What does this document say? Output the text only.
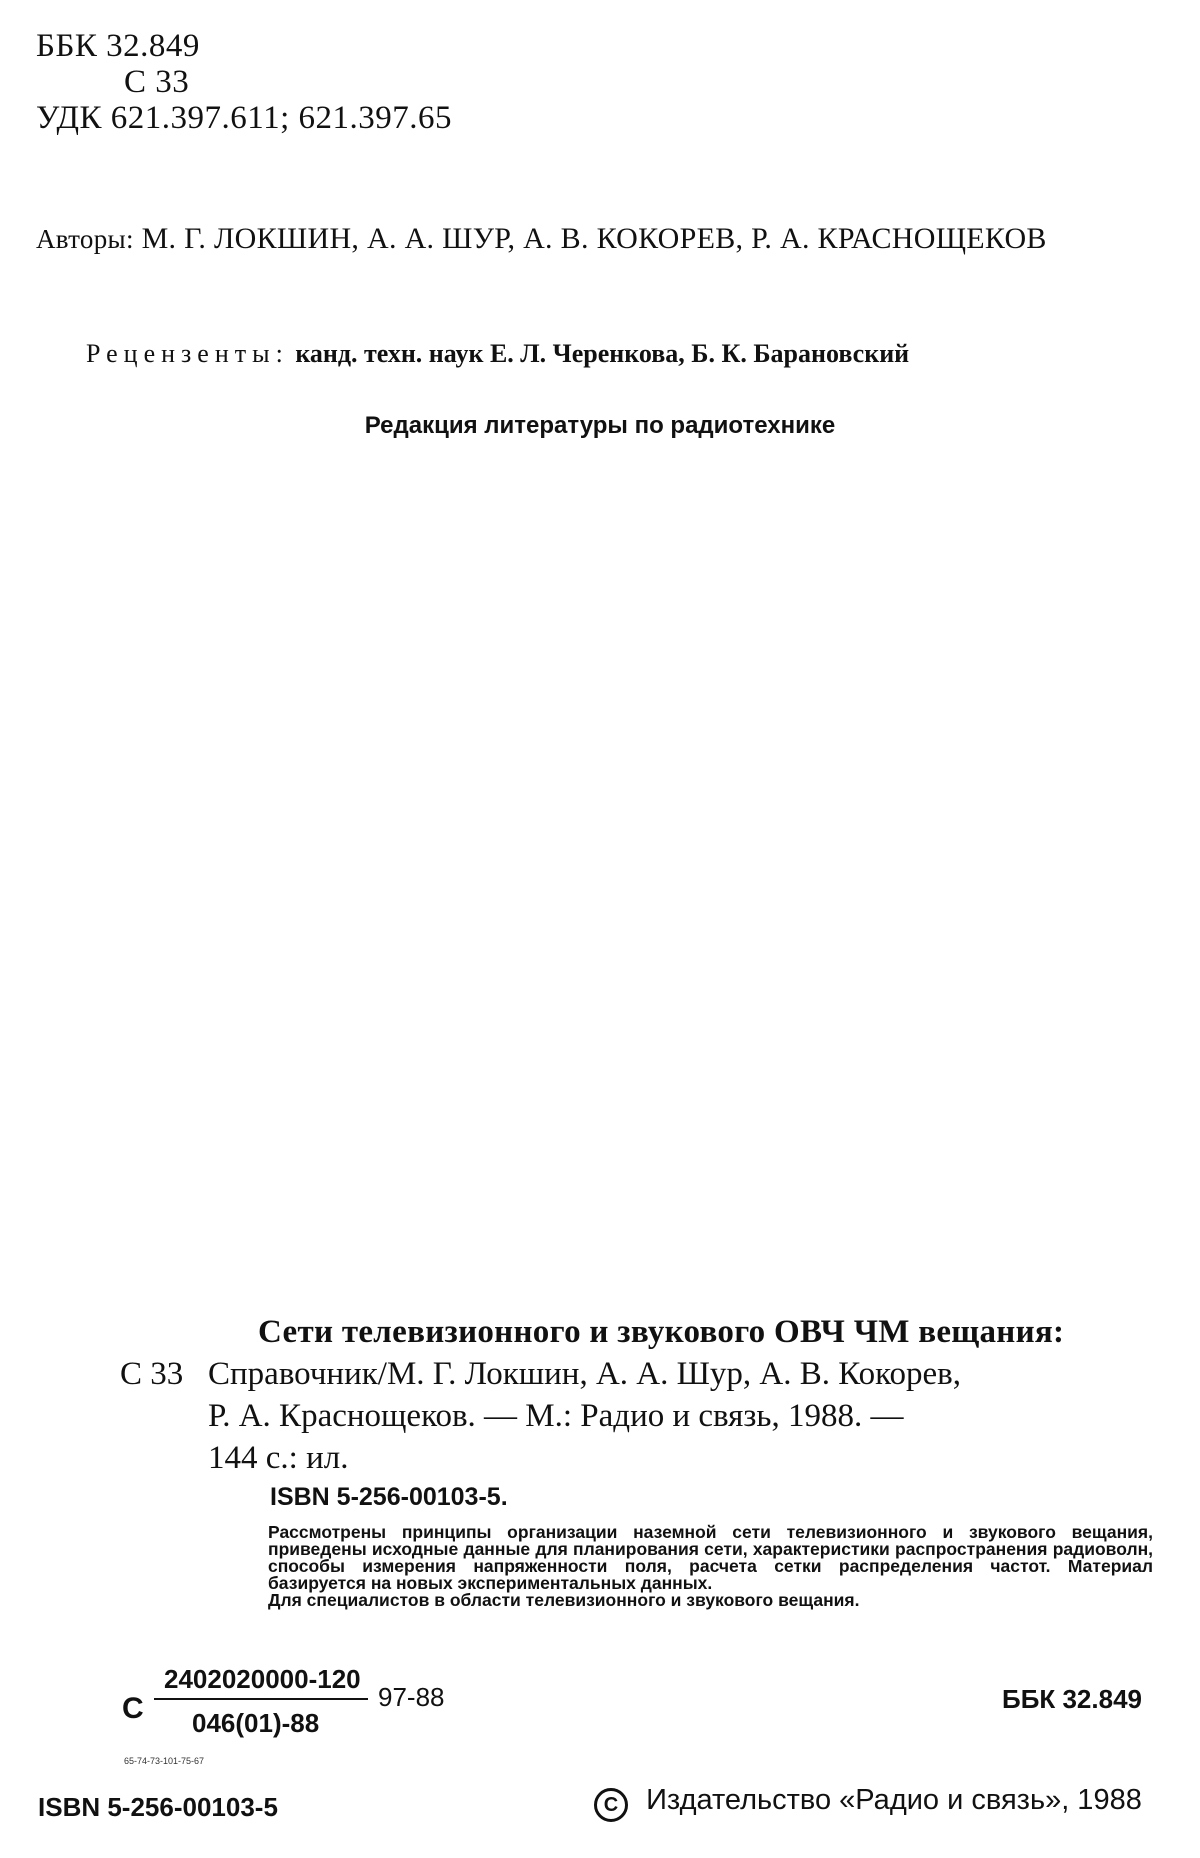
ББК 32.849
С 33
УДК 621.397.611; 621.397.65
Авторы: М. Г. ЛОКШИН, А. А. ШУР, А. В. КОКОРЕВ, Р. А. КРАСНОЩЕКОВ
Рецензенты: канд. техн. наук Е. Л. Черенкова, Б. К. Барановский
Редакция литературы по радиотехнике
Сети телевизионного и звукового ОВЧ ЧМ вещания:
С 33 Справочник/М. Г. Локшин, А. А. Шур, А. В. Кокорев,
Р. А. Краснощеков. — М.: Радио и связь, 1988. —
144 с.: ил.
ISBN 5-256-00103-5.

Рассмотрены принципы организации наземной сети телевизионного и звукового вещания, приведены исходные данные для планирования сети, характеристики распространения радиоволн, способы измерения напряженности поля, расчета сетки распределения частот. Материал базируется на новых экспериментальных данных.

Для специалистов в области телевизионного и звукового вещания.

С
2402020000-120
046(01)-88
97-88	ББК 32.849
65-74-73-101-75-67
ISBN 5-256-00103-5	C Издательство «Радио и связь», 1988
